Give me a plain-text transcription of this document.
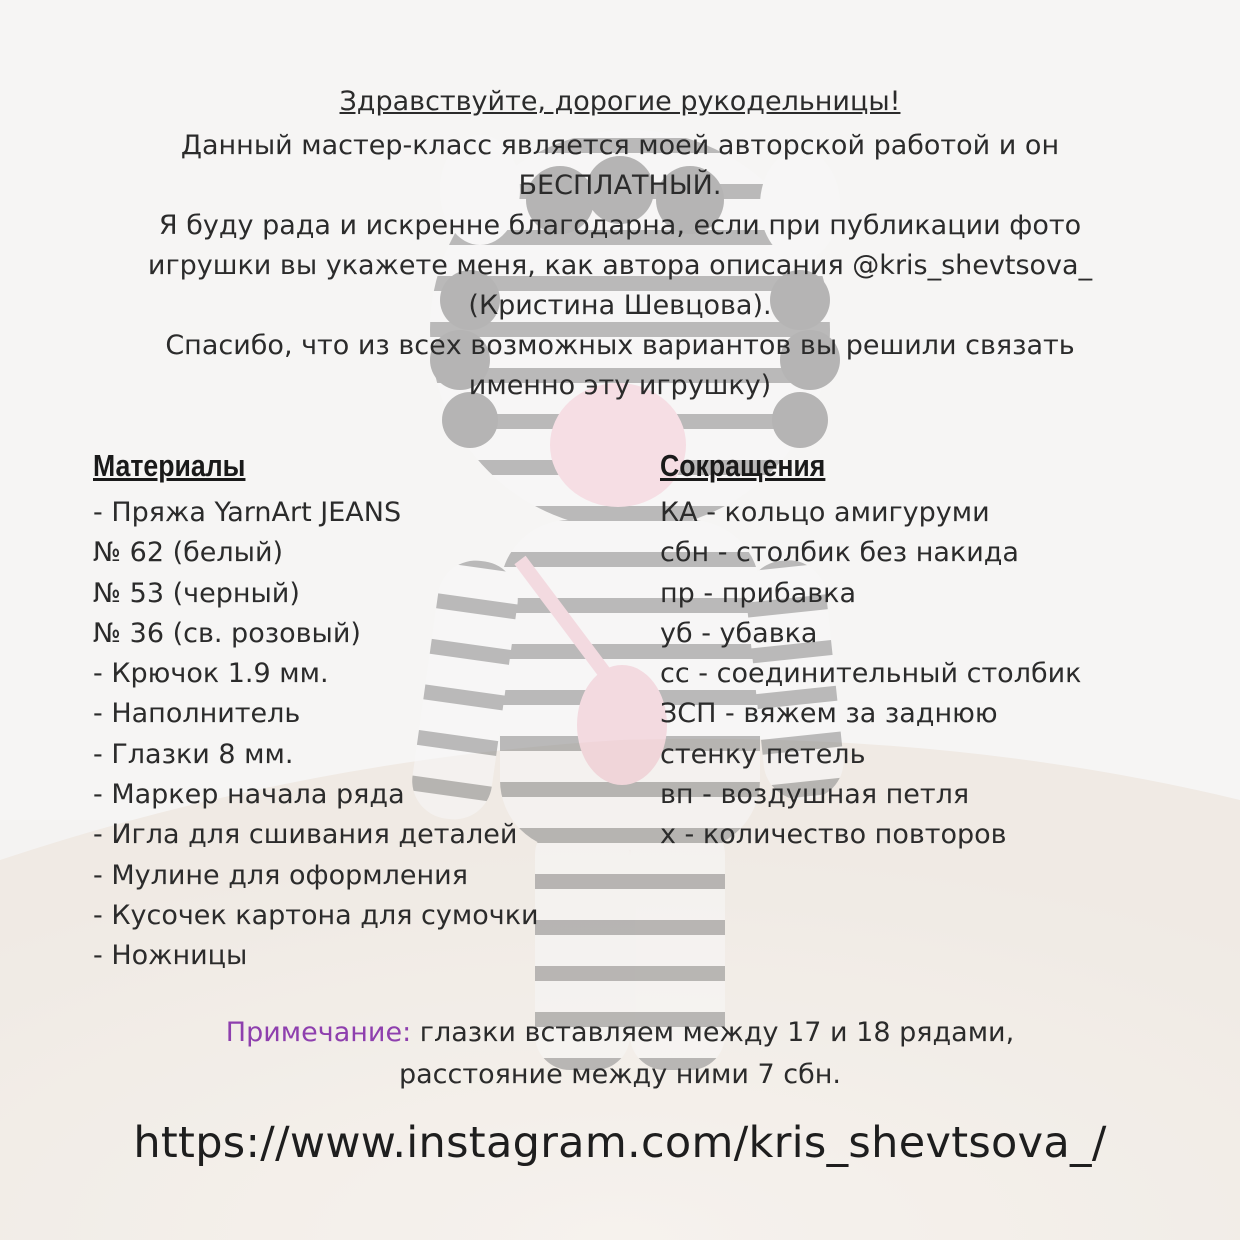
Здравствуйте, дорогие рукодельницы!

Данный мастер-класс является моей авторской работой и он

БЕСПЛАТНЫЙ.

Я буду рада и искренне благодарна, если при публикации фото

игрушки вы укажете меня, как автора описания @kris_shevtsova_

(Кристина Шевцова).

Спасибо, что из всех возможных вариантов вы решили связать

именно эту игрушку)

Материалы	Сокращения
- Пряжа YarnArt JEANS
№ 62 (белый)
№ 53 (черный)
№ 36 (св. розовый)
- Крючок 1.9 мм.
- Наполнитель
- Глазки 8 мм.
- Маркер начала ряда
- Игла для сшивания деталей
- Мулине для оформления
- Кусочек картона для сумочки
- Ножницы
КА - кольцо амигуруми
сбн - столбик без накида
пр - прибавка
уб - убавка
сс - соединительный столбик
ЗСП - вяжем за заднюю
стенку петель
вп - воздушная петля
x - количество повторов

Примечание: глазки вставляем между 17 и 18 рядами,

расстояние между ними 7 сбн.

https://www.instagram.com/kris_shevtsova_/
